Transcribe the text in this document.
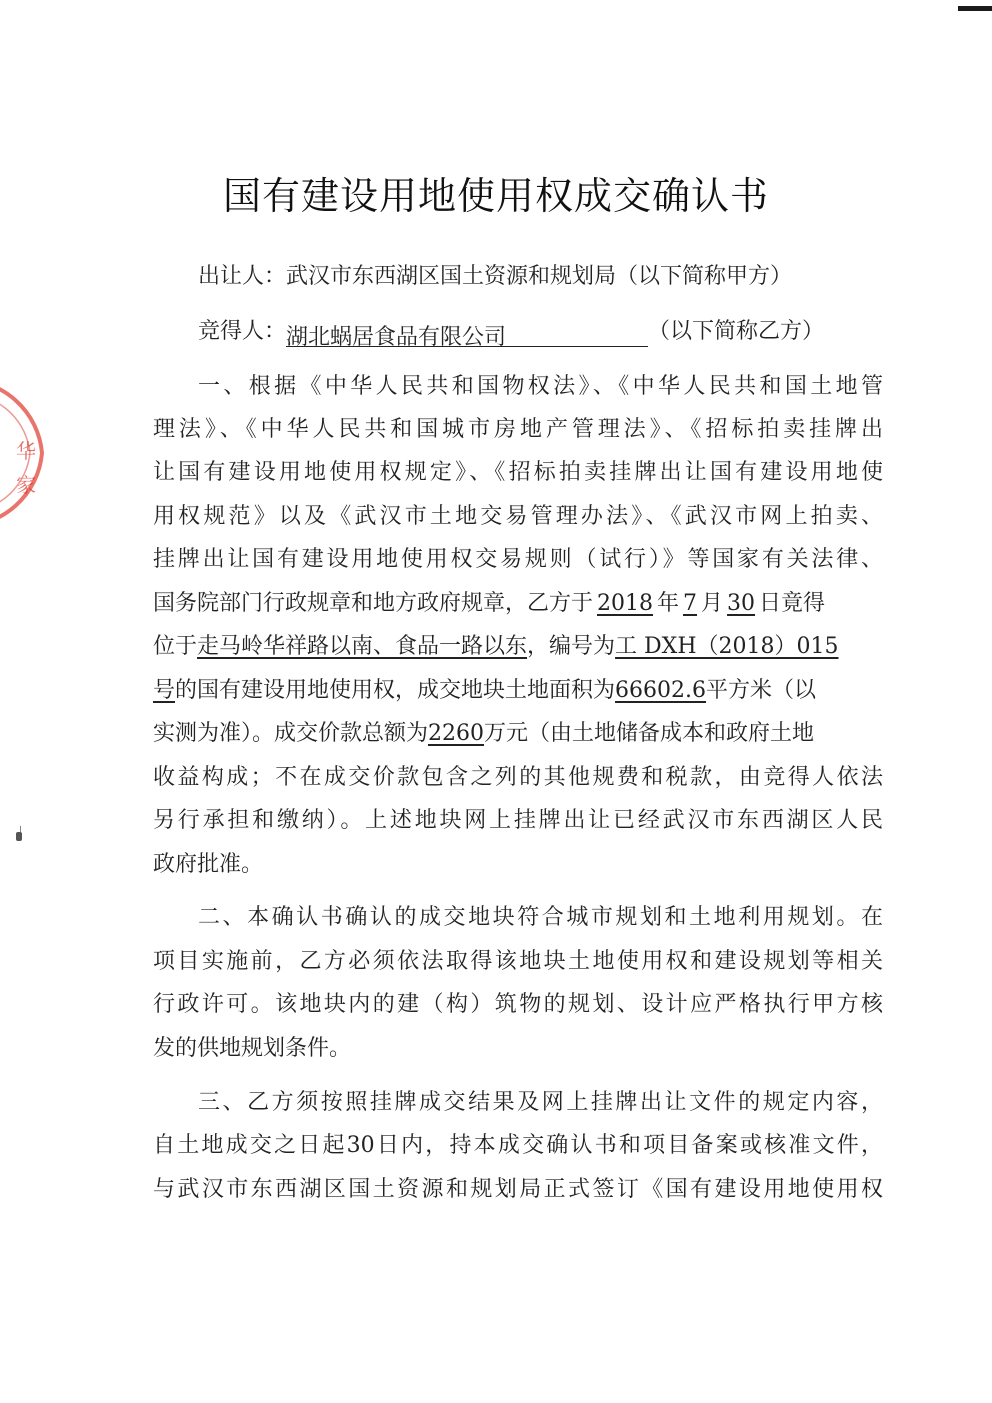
华
家
国有建设用地使用权成交确认书
出让人：武汉市东西湖区国土资源和规划局（以下简称甲方）
竞得人：湖北蜗居食品有限公司	（以下简称乙方）
一、根据《中华人民共和国物权法》、《中华人民共和国土地管
理法》、《中华人民共和国城市房地产管理法》、《招标拍卖挂牌出
让国有建设用地使用权规定》、《招标拍卖挂牌出让国有建设用地使
用权规范》以及《武汉市土地交易管理办法》、《武汉市网上拍卖、
挂牌出让国有建设用地使用权交易规则（试行）》等国家有关法律、
国务院部门行政规章和地方政府规章，乙方于 2018 年 7 月 30 日竟得
位于走马岭华祥路以南、食品一路以东，编号为工 DXH（2018）015
号的国有建设用地使用权，成交地块土地面积为66602.6平方米（以
实测为准）。成交价款总额为2260万元（由土地储备成本和政府土地
收益构成；不在成交价款包含之列的其他规费和税款，由竞得人依法
另行承担和缴纳）。上述地块网上挂牌出让已经武汉市东西湖区人民
政府批准。
二、本确认书确认的成交地块符合城市规划和土地利用规划。在
项目实施前，乙方必须依法取得该地块土地使用权和建设规划等相关
行政许可。该地块内的建（构）筑物的规划、设计应严格执行甲方核
发的供地规划条件。
三、乙方须按照挂牌成交结果及网上挂牌出让文件的规定内容，
自土地成交之日起30日内，持本成交确认书和项目备案或核准文件，
与武汉市东西湖区国土资源和规划局正式签订《国有建设用地使用权
